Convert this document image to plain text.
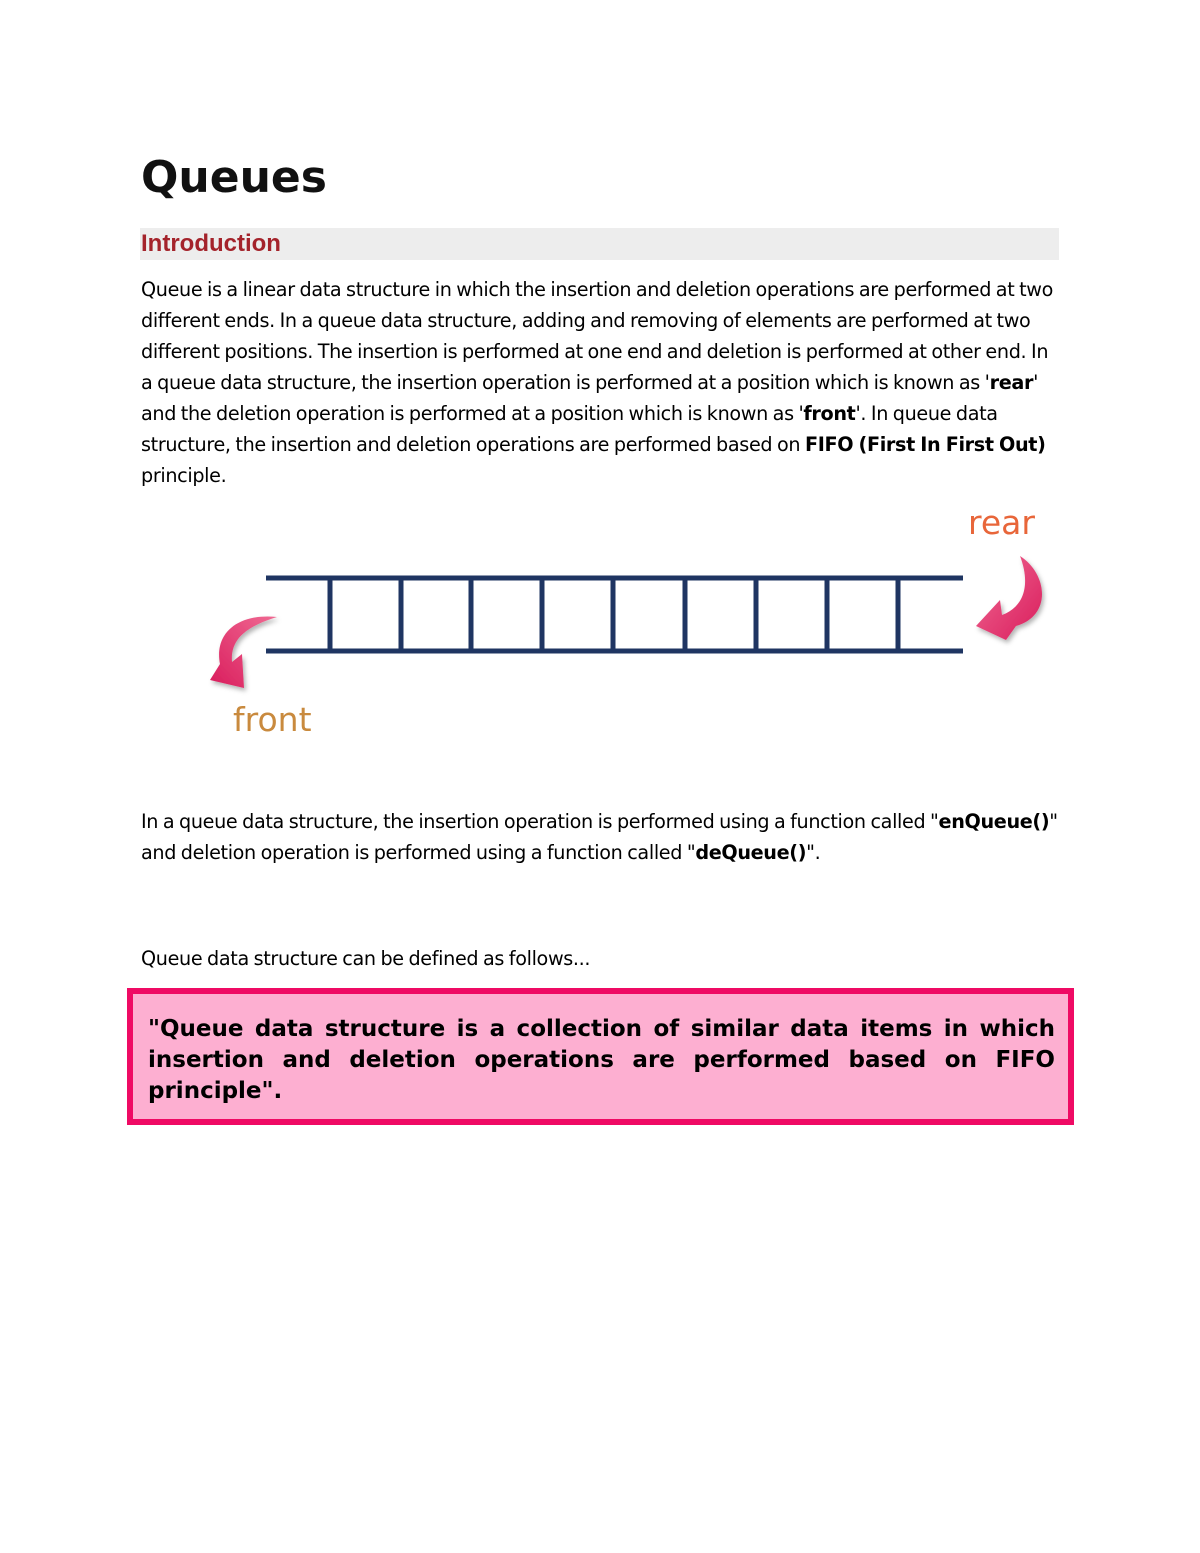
Queues
Introduction

Queue is a linear data structure in which the insertion and deletion operations are performed at two different ends. In a queue data structure, adding and removing of elements are performed at two different positions. The insertion is performed at one end and deletion is performed at other end. In a queue data structure, the insertion operation is performed at a position which is known as 'rear' and the deletion operation is performed at a position which is known as 'front'. In queue data structure, the insertion and deletion operations are performed based on FIFO (First In First Out) principle.

rear
front

In a queue data structure, the insertion operation is performed using a function called "enQueue()" and deletion operation is performed using a function called "deQueue()".

Queue data structure can be defined as follows...

"Queue data structure is a collection of similar data items in which insertion and deletion operations are performed based on FIFO principle".
